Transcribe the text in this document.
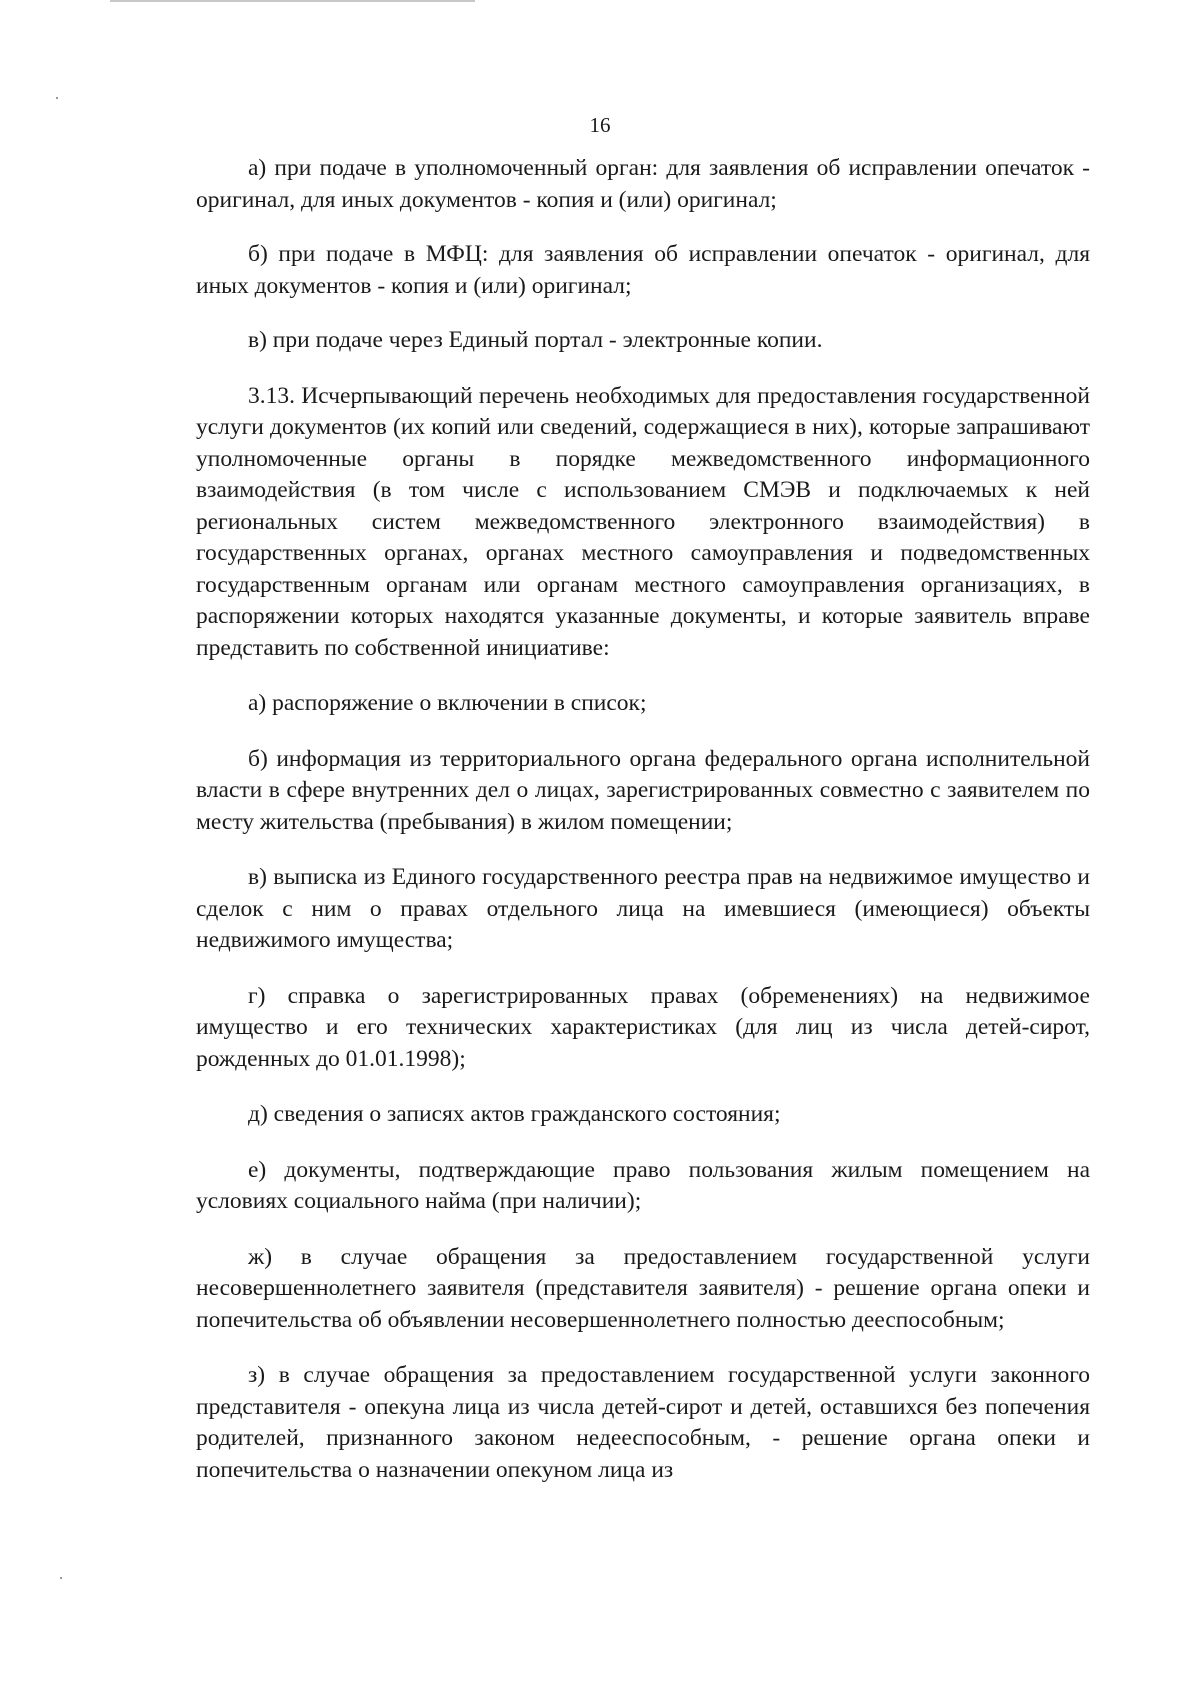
16

а) при подаче в уполномоченный орган: для заявления об исправлении опечаток - оригинал, для иных документов - копия и (или) оригинал;

б) при подаче в МФЦ: для заявления об исправлении опечаток - оригинал, для иных документов - копия и (или) оригинал;

в) при подаче через Единый портал - электронные копии.

3.13. Исчерпывающий перечень необходимых для предоставления государственной услуги документов (их копий или сведений, содержащиеся в них), которые запрашивают уполномоченные органы в порядке межведомственного информационного взаимодействия (в том числе с использованием СМЭВ и подключаемых к ней региональных систем межведомственного электронного взаимодействия) в государственных органах, органах местного самоуправления и подведомственных государственным органам или органам местного самоуправления организациях, в распоряжении которых находятся указанные документы, и которые заявитель вправе представить по собственной инициативе:

а) распоряжение о включении в список;

б) информация из территориального органа федерального органа исполнительной власти в сфере внутренних дел о лицах, зарегистрированных совместно с заявителем по месту жительства (пребывания) в жилом помещении;

в) выписка из Единого государственного реестра прав на недвижимое имущество и сделок с ним о правах отдельного лица на имевшиеся (имеющиеся) объекты недвижимого имущества;

г) справка о зарегистрированных правах (обременениях) на недвижимое имущество и его технических характеристиках (для лиц из числа детей-сирот, рожденных до 01.01.1998);

д) сведения о записях актов гражданского состояния;

е) документы, подтверждающие право пользования жилым помещением на условиях социального найма (при наличии);

ж) в случае обращения за предоставлением государственной услуги несовершеннолетнего заявителя (представителя заявителя) - решение органа опеки и попечительства об объявлении несовершеннолетнего полностью дееспособным;

з) в случае обращения за предоставлением государственной услуги законного представителя - опекуна лица из числа детей-сирот и детей, оставшихся без попечения родителей, признанного законом недееспособным, - решение органа опеки и попечительства о назначении опекуном лица из
